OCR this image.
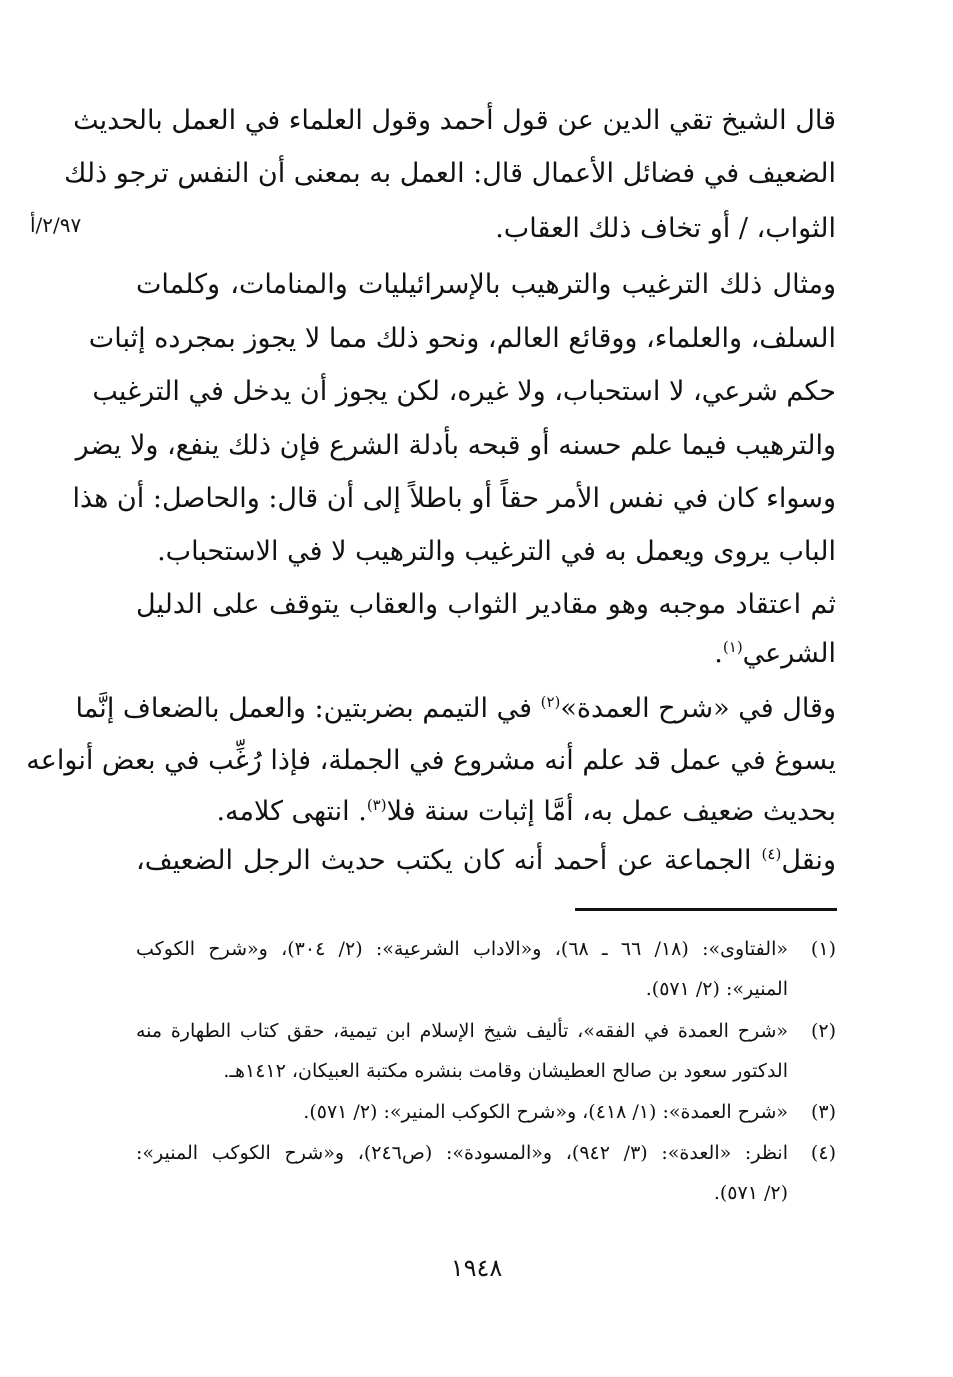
٢/٩٧/أ
قال الشيخ تقي الدين عن قول أحمد وقول العلماء في العمل بالحديث
الضعيف في فضائل الأعمال قال: العمل به بمعنى أن النفس ترجو ذلك
الثواب، / أو تخاف ذلك العقاب.
ومثال ذلك الترغيب والترهيب بالإسرائيليات والمنامات، وكلمات
السلف، والعلماء، ووقائع العالم، ونحو ذلك مما لا يجوز بمجرده إثبات
حكم شرعي، لا استحباب، ولا غيره، لكن يجوز أن يدخل في الترغيب
والترهيب فيما علم حسنه أو قبحه بأدلة الشرع فإن ذلك ينفع، ولا يضر
وسواء كان في نفس الأمر حقاً أو باطلاً إلى أن قال: والحاصل: أن هذا
الباب يروى ويعمل به في الترغيب والترهيب لا في الاستحباب.
ثم اعتقاد موجبه وهو مقادير الثواب والعقاب يتوقف على الدليل
الشرعي$^{(١)}$.
وقال في «شرح العمدة»$^{(٢)}$ في التيمم بضربتين: والعمل بالضعاف إنَّما
يسوغ في عمل قد علم أنه مشروع في الجملة، فإذا رُغِّب في بعض أنواعه
بحديث ضعيف عمل به، أمَّا إثبات سنة فلا$^{(٣)}$. انتهى كلامه.
ونقل$^{(٤)}$ الجماعة عن أحمد أنه كان يكتب حديث الرجل الضعيف،
(١)«الفتاوى»: (١٨/ ٦٦ ـ ٦٨)، و«الاداب الشرعية»: (٢/ ٣٠٤)، و«شرح الكوكب
المنير»: (٢/ ٥٧١).
(٢)«شرح العمدة في الفقه»، تأليف شيخ الإسلام ابن تيمية، حقق كتاب الطهارة منه
الدكتور سعود بن صالح العطيشان وقامت بنشره مكتبة العبيكان، ١٤١٢هـ.
(٣)«شرح العمدة»: (١/ ٤١٨)، و«شرح الكوكب المنير»: (٢/ ٥٧١).
(٤)انظر: «العدة»: (٣/ ٩٤٢)، و«المسودة»: (ص٢٤٦)، و«شرح الكوكب المنير»:
(٢/ ٥٧١).
١٩٤٨
